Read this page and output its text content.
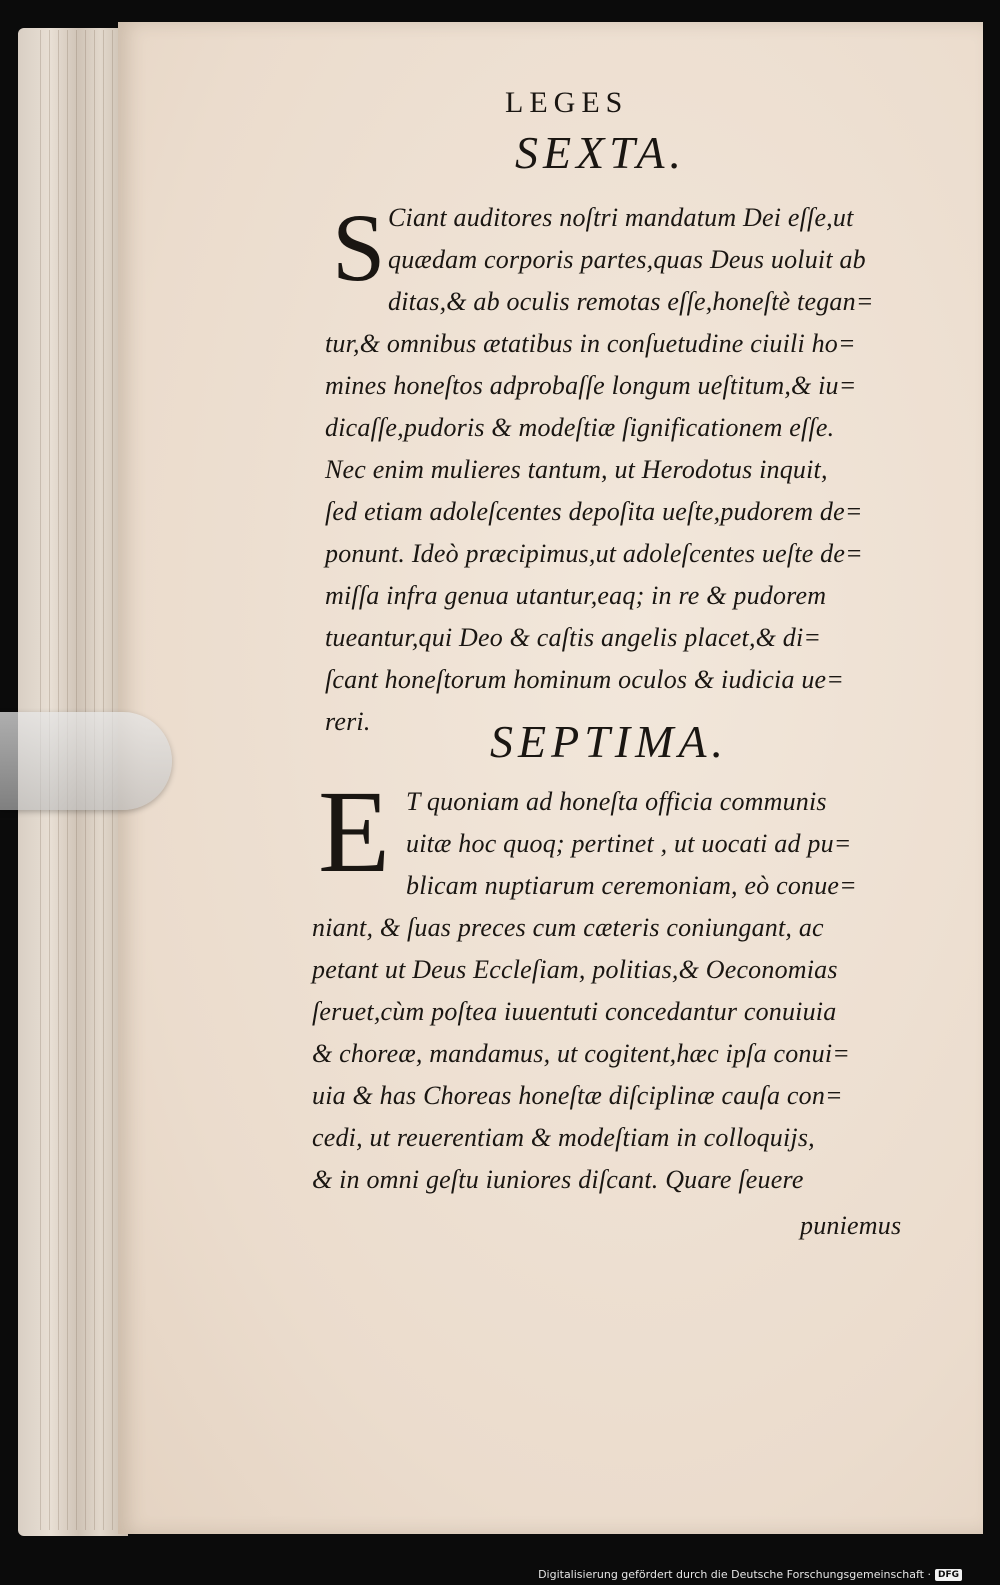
LEGES
SEXTA.
S Ciant auditores noſtri mandatum Dei eſſe,ut
quædam corporis partes,quas Deus uoluit ab
ditas,& ab oculis remotas eſſe,honeſtè tegan=
tur,& omnibus ætatibus in conſuetudine ciuili ho=
mines honeſtos adprobaſſe longum ueſtitum,& iu=
dicaſſe,pudoris & modeſtiæ ſignificationem eſſe.
Nec enim mulieres tantum, ut Herodotus inquit,
ſed etiam adoleſcentes depoſita ueſte,pudorem de=
ponunt. Ideò præcipimus,ut adoleſcentes ueſte de=
miſſa infra genua utantur,eaq; in re & pudorem
tueantur,qui Deo & caſtis angelis placet,& di=
ſcant honeſtorum hominum oculos & iudicia ue=
reri.	SEPTIMA.
E T quoniam ad honeſta officia communis
uitæ hoc quoq; pertinet , ut uocati ad pu=
blicam nuptiarum ceremoniam, eò conue=
niant, & ſuas preces cum cæteris coniungant, ac
petant ut Deus Eccleſiam, politias,& Oeconomias
ſeruet,cùm poſtea iuuentuti concedantur conuiuia
& choreæ, mandamus, ut cogitent,hæc ipſa conui=
uia & has Choreas honeſtæ diſciplinæ cauſa con=
cedi, ut reuerentiam & modeſtiam in colloquijs,
& in omni geſtu iuniores diſcant. Quare ſeuere
puniemus
Digitalisierung gefördert durch die Deutsche Forschungsgemeinschaft · DFG
